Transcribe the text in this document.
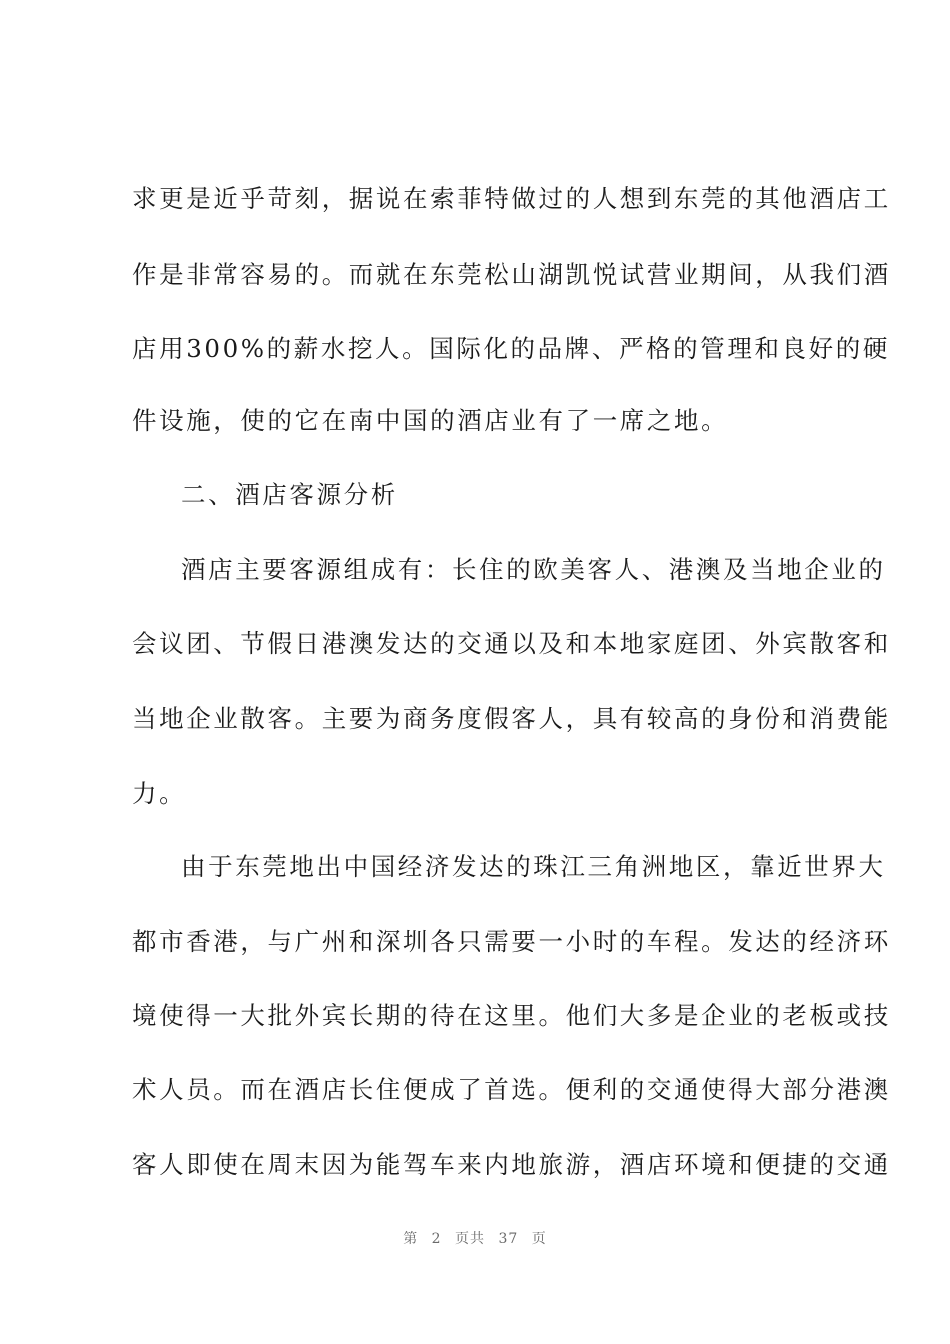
求更是近乎苛刻，据说在索菲特做过的人想到东莞的其他酒店工
作是非常容易的。而就在东莞松山湖凯悦试营业期间，从我们酒
店用300%的薪水挖人。国际化的品牌、严格的管理和良好的硬
件设施，使的它在南中国的酒店业有了一席之地。
二、酒店客源分析
酒店主要客源组成有：长住的欧美客人、港澳及当地企业的
会议团、节假日港澳发达的交通以及和本地家庭团、外宾散客和
当地企业散客。主要为商务度假客人，具有较高的身份和消费能
力。
由于东莞地出中国经济发达的珠江三角洲地区，靠近世界大
都市香港，与广州和深圳各只需要一小时的车程。发达的经济环
境使得一大批外宾长期的待在这里。他们大多是企业的老板或技
术人员。而在酒店长住便成了首选。便利的交通使得大部分港澳
客人即使在周末因为能驾车来内地旅游，酒店环境和便捷的交通
第 2 页共 37 页
